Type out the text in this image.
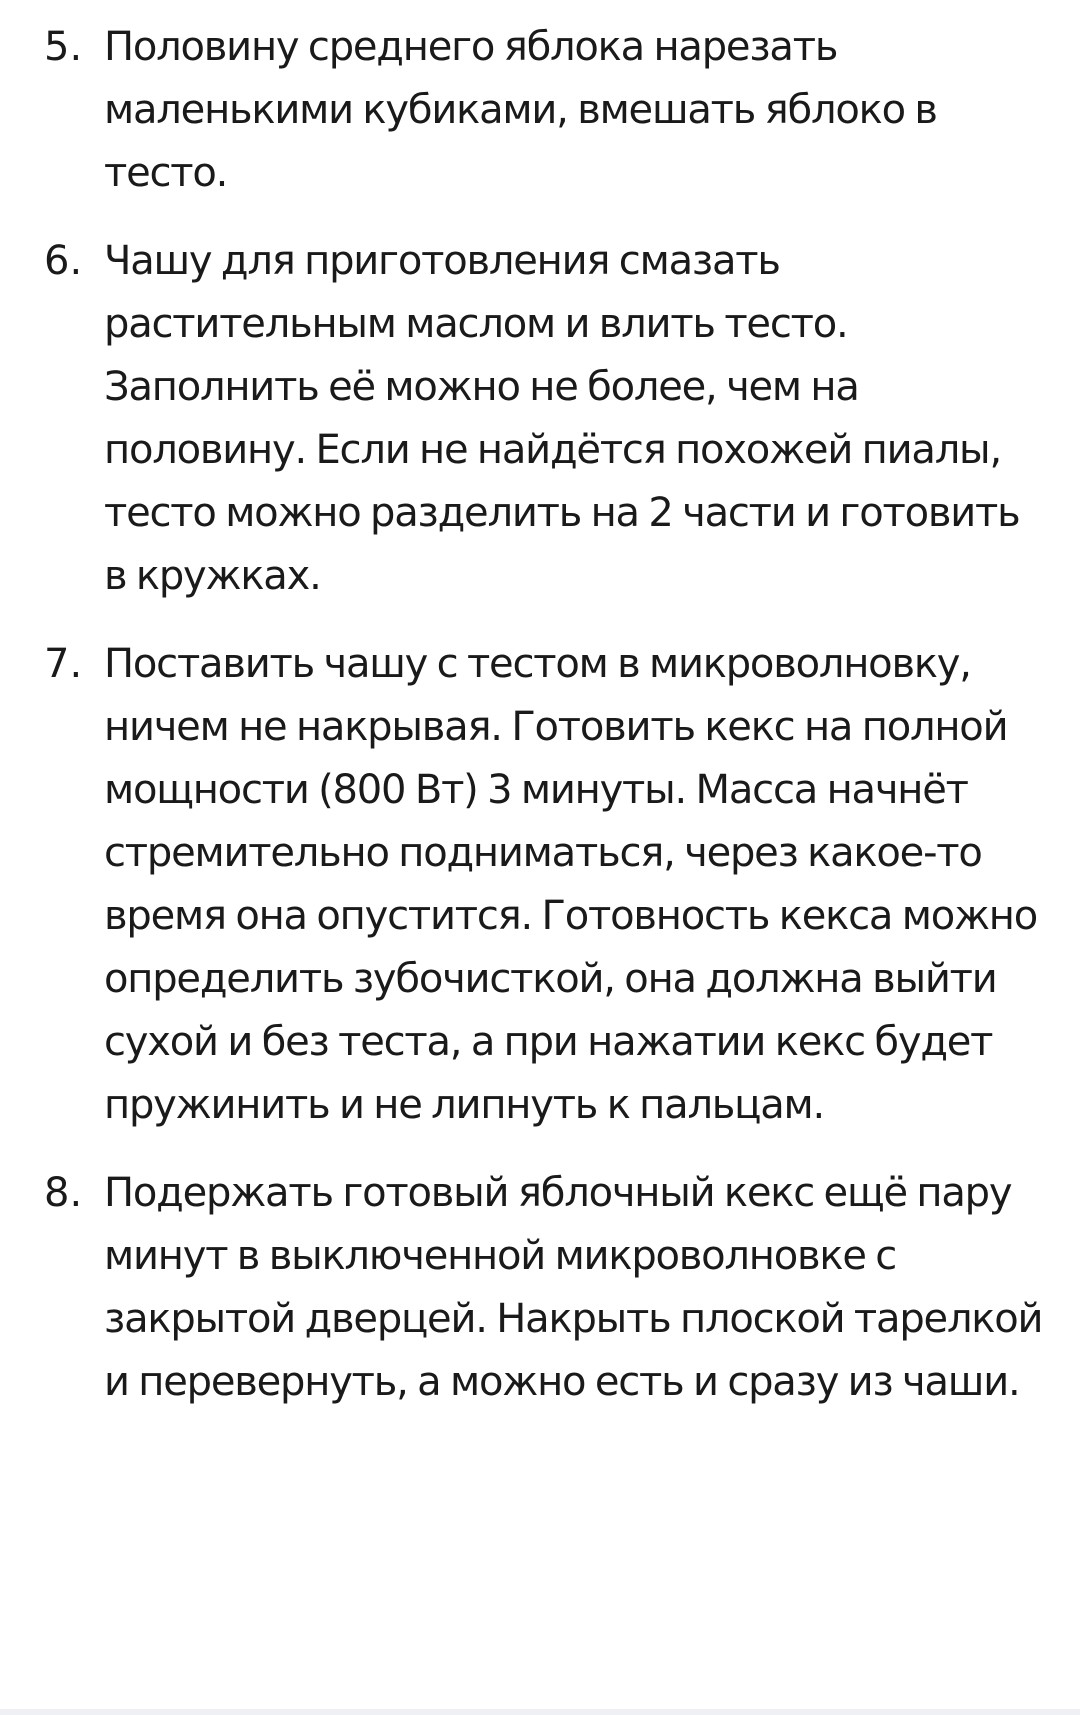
5. Половину среднего яблока нарезать маленькими кубиками, вмешать яблоко в тесто.
6. Чашу для приготовления смазать растительным маслом и влить тесто. Заполнить её можно не более, чем на половину. Если не найдётся похожей пиалы, тесто можно разделить на 2 части и готовить в кружках.
7. Поставить чашу с тестом в микроволновку, ничем не накрывая. Готовить кекс на полной мощности (800 Вт) 3 минуты. Масса начнёт стремительно подниматься, через какое-то время она опустится. Готовность кекса можно определить зубочисткой, она должна выйти сухой и без теста, а при нажатии кекс будет пружинить и не липнуть к пальцам.
8. Подержать готовый яблочный кекс ещё пару минут в выключенной микроволновке с закрытой дверцей. Накрыть плоской тарелкой и перевернуть, а можно есть и сразу из чаши.
